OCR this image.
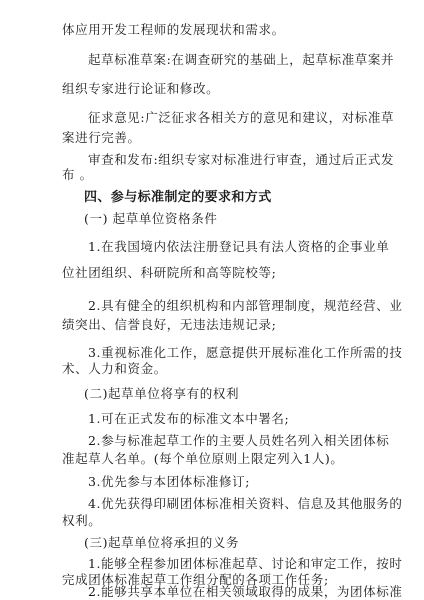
体应用开发工程师的发展现状和需求。
起草标准草案:在调查研究的基础上，起草标准草案并
组织专家进行论证和修改。
征求意见:广泛征求各相关方的意见和建议，对标准草
案进行完善。
审查和发布:组织专家对标准进行审查，通过后正式发
布 。
四、参与标准制定的要求和方式
(一) 起草单位资格条件
1.在我国境内依法注册登记具有法人资格的企事业单
位社团组织、科研院所和高等院校等;
2.具有健全的组织机构和内部管理制度，规范经营、业
绩突出、信誉良好，无违法违规记录;
3.重视标准化工作，愿意提供开展标准化工作所需的技
术、人力和资金。
(二)起草单位将享有的权利
1.可在正式发布的标准文本中署名;
2.参与标准起草工作的主要人员姓名列入相关团体标
准起草人名单。(每个单位原则上限定列入1人)。
3.优先参与本团体标准修订;
4.优先获得印刷团体标准相关资料、信息及其他服务的
权利。
(三)起草单位将承担的义务
1.能够全程参加团体标准起草、讨论和审定工作，按时
完成团体标准起草工作组分配的各项工作任务;
2.能够共享本单位在相关领域取得的成果，为团体标准
